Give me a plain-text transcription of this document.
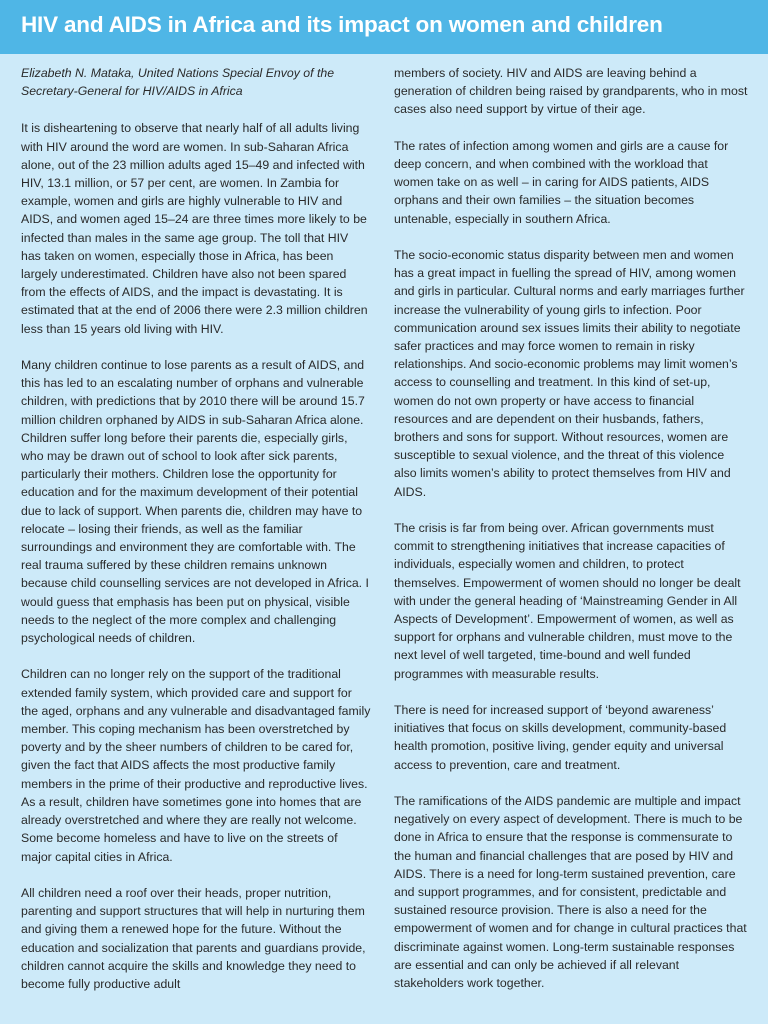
HIV and AIDS in Africa and its impact on women and children

Elizabeth N. Mataka, United Nations Special Envoy of the Secretary-General for HIV/AIDS in Africa

It is disheartening to observe that nearly half of all adults living with HIV around the word are women. In sub-Saharan Africa alone, out of the 23 million adults aged 15–49 and infected with HIV, 13.1 million, or 57 per cent, are women. In Zambia for example, women and girls are highly vulnerable to HIV and AIDS, and women aged 15–24 are three times more likely to be infected than males in the same age group. The toll that HIV has taken on women, especially those in Africa, has been largely underestimated. Children have also not been spared from the effects of AIDS, and the impact is devastating. It is estimated that at the end of 2006 there were 2.3 million children less than 15 years old living with HIV.

Many children continue to lose parents as a result of AIDS, and this has led to an escalating number of orphans and vulnerable children, with predictions that by 2010 there will be around 15.7 million children orphaned by AIDS in sub-Saharan Africa alone. Children suffer long before their parents die, especially girls, who may be drawn out of school to look after sick parents, particularly their mothers. Children lose the opportunity for education and for the maximum development of their potential due to lack of support. When parents die, children may have to relocate – losing their friends, as well as the familiar surroundings and environment they are comfortable with. The real trauma suffered by these children remains unknown because child counselling services are not developed in Africa. I would guess that emphasis has been put on physical, visible needs to the neglect of the more complex and challenging psychological needs of children.

Children can no longer rely on the support of the traditional extended family system, which provided care and support for the aged, orphans and any vulnerable and disadvantaged family member. This coping mechanism has been overstretched by poverty and by the sheer numbers of children to be cared for, given the fact that AIDS affects the most productive family members in the prime of their productive and reproductive lives. As a result, children have sometimes gone into homes that are already overstretched and where they are really not welcome. Some become homeless and have to live on the streets of major capital cities in Africa.

All children need a roof over their heads, proper nutrition, parenting and support structures that will help in nurturing them and giving them a renewed hope for the future. Without the education and socialization that parents and guardians provide, children cannot acquire the skills and knowledge they need to become fully productive adult

members of society. HIV and AIDS are leaving behind a generation of children being raised by grandparents, who in most cases also need support by virtue of their age.

The rates of infection among women and girls are a cause for deep concern, and when combined with the workload that women take on as well – in caring for AIDS patients, AIDS orphans and their own families – the situation becomes untenable, especially in southern Africa.

The socio-economic status disparity between men and women has a great impact in fuelling the spread of HIV, among women and girls in particular. Cultural norms and early marriages further increase the vulnerability of young girls to infection. Poor communication around sex issues limits their ability to negotiate safer practices and may force women to remain in risky relationships. And socio-economic problems may limit women’s access to counselling and treatment. In this kind of set-up, women do not own property or have access to financial resources and are dependent on their husbands, fathers, brothers and sons for support. Without resources, women are susceptible to sexual violence, and the threat of this violence also limits women’s ability to protect themselves from HIV and AIDS.

The crisis is far from being over. African governments must commit to strengthening initiatives that increase capacities of individuals, especially women and children, to protect themselves. Empowerment of women should no longer be dealt with under the general heading of ‘Mainstreaming Gender in All Aspects of Development’. Empowerment of women, as well as support for orphans and vulnerable children, must move to the next level of well targeted, time-bound and well funded programmes with measurable results.

There is need for increased support of ‘beyond awareness’ initiatives that focus on skills development, community-based health promotion, positive living, gender equity and universal access to prevention, care and treatment.

The ramifications of the AIDS pandemic are multiple and impact negatively on every aspect of development. There is much to be done in Africa to ensure that the response is commensurate to the human and financial challenges that are posed by HIV and AIDS. There is a need for long-term sustained prevention, care and support programmes, and for consistent, predictable and sustained resource provision. There is also a need for the empowerment of women and for change in cultural practices that discriminate against women. Long-term sustainable responses are essential and can only be achieved if all relevant stakeholders work together.
